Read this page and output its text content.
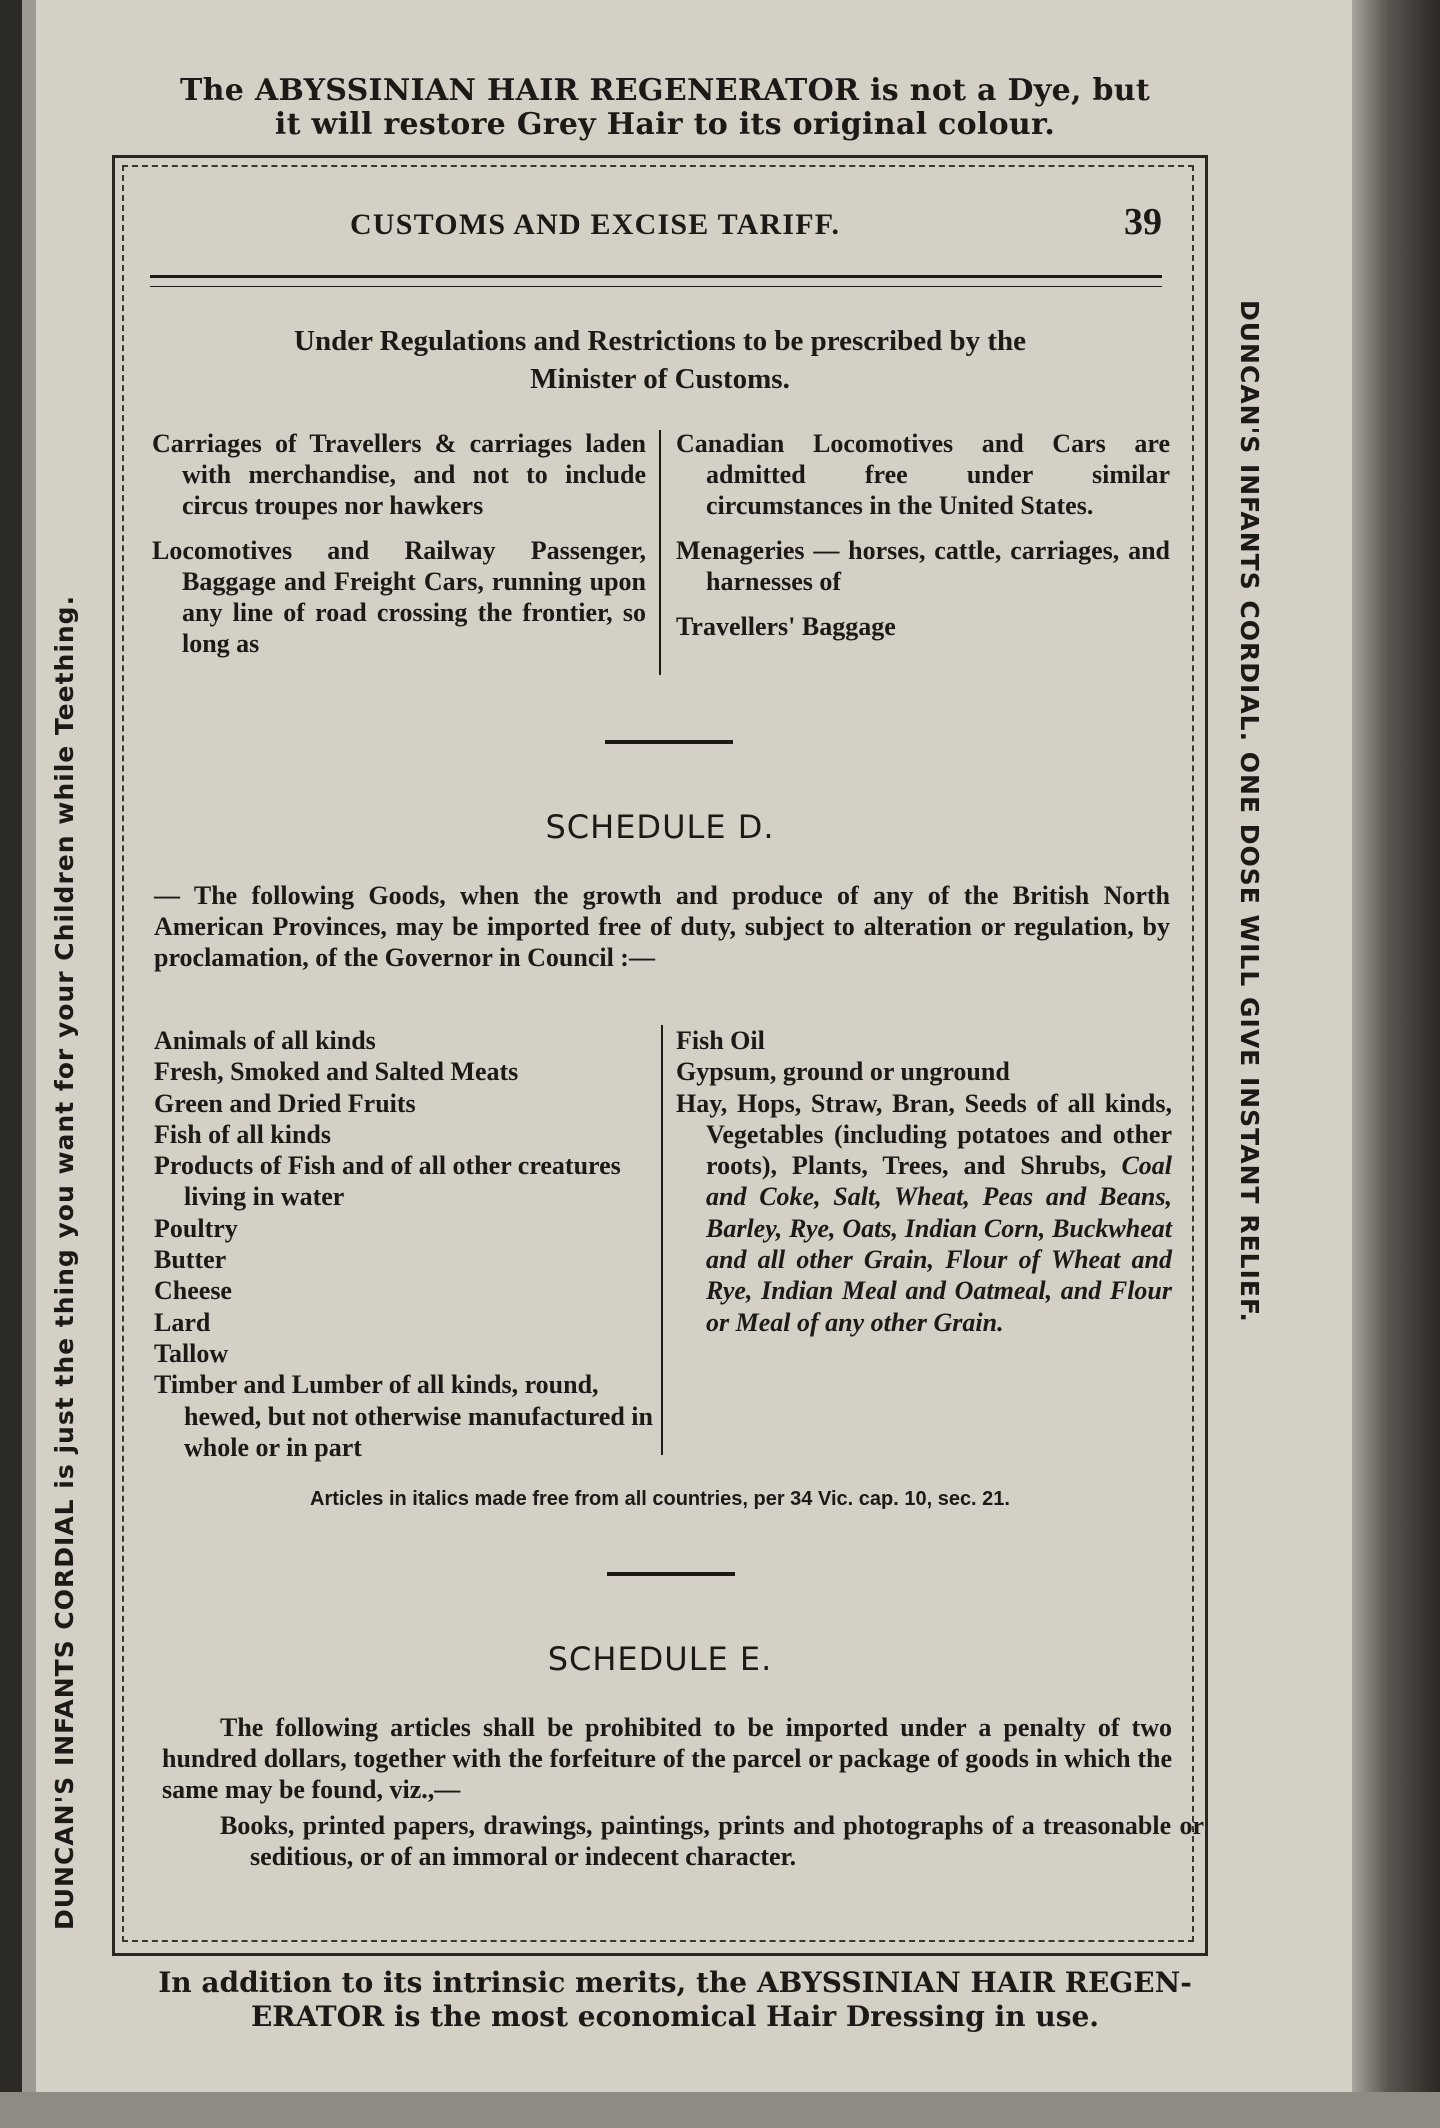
The ABYSSINIAN HAIR REGENERATOR is not a Dye, but
it will restore Grey Hair to its original colour.
DUNCAN'S INFANTS CORDIAL is just the thing you want for your Children while Teething.	DUNCAN'S INFANTS CORDIAL. ONE DOSE WILL GIVE INSTANT RELIEF.
CUSTOMS AND EXCISE TARIFF.	39
Under Regulations and Restrictions to be prescribed by the
Minister of Customs.

Carriages of Travellers & carriages laden with merchandise, and not to include circus troupes nor hawkers

Locomotives and Railway Passenger, Baggage and Freight Cars, running upon any line of road crossing the frontier, so long as

Canadian Locomotives and Cars are admitted free under similar circumstances in the United States.

Menageries — horses, cattle, carriages, and harnesses of

Travellers' Baggage

SCHEDULE D.
— The following Goods, when the growth and produce of any of the British North American Provinces, may be imported free of duty, subject to alteration or regulation, by proclamation, of the Governor in Council :—
Animals of all kinds
Fresh, Smoked and Salted Meats
Green and Dried Fruits
Fish of all kinds
Products of Fish and of all other creatures living in water
Poultry
Butter
Cheese
Lard
Tallow
Timber and Lumber of all kinds, round, hewed, but not otherwise manufactured in whole or in part
Fish Oil
Gypsum, ground or unground
Hay, Hops, Straw, Bran, Seeds of all kinds, Vegetables (including potatoes and other roots), Plants, Trees, and Shrubs, Coal and Coke, Salt, Wheat, Peas and Beans, Barley, Rye, Oats, Indian Corn, Buckwheat and all other Grain, Flour of Wheat and Rye, Indian Meal and Oatmeal, and Flour or Meal of any other Grain.
Articles in italics made free from all countries, per 34 Vic. cap. 10, sec. 21.
SCHEDULE E.
The following articles shall be prohibited to be imported under a penalty of two hundred dollars, together with the forfeiture of the parcel or package of goods in which the same may be found, viz.,—
Books, printed papers, drawings, paintings, prints and photographs of a treasonable or seditious, or of an immoral or indecent character.
In addition to its intrinsic merits, the ABYSSINIAN HAIR REGEN-
ERATOR is the most economical Hair Dressing in use.
